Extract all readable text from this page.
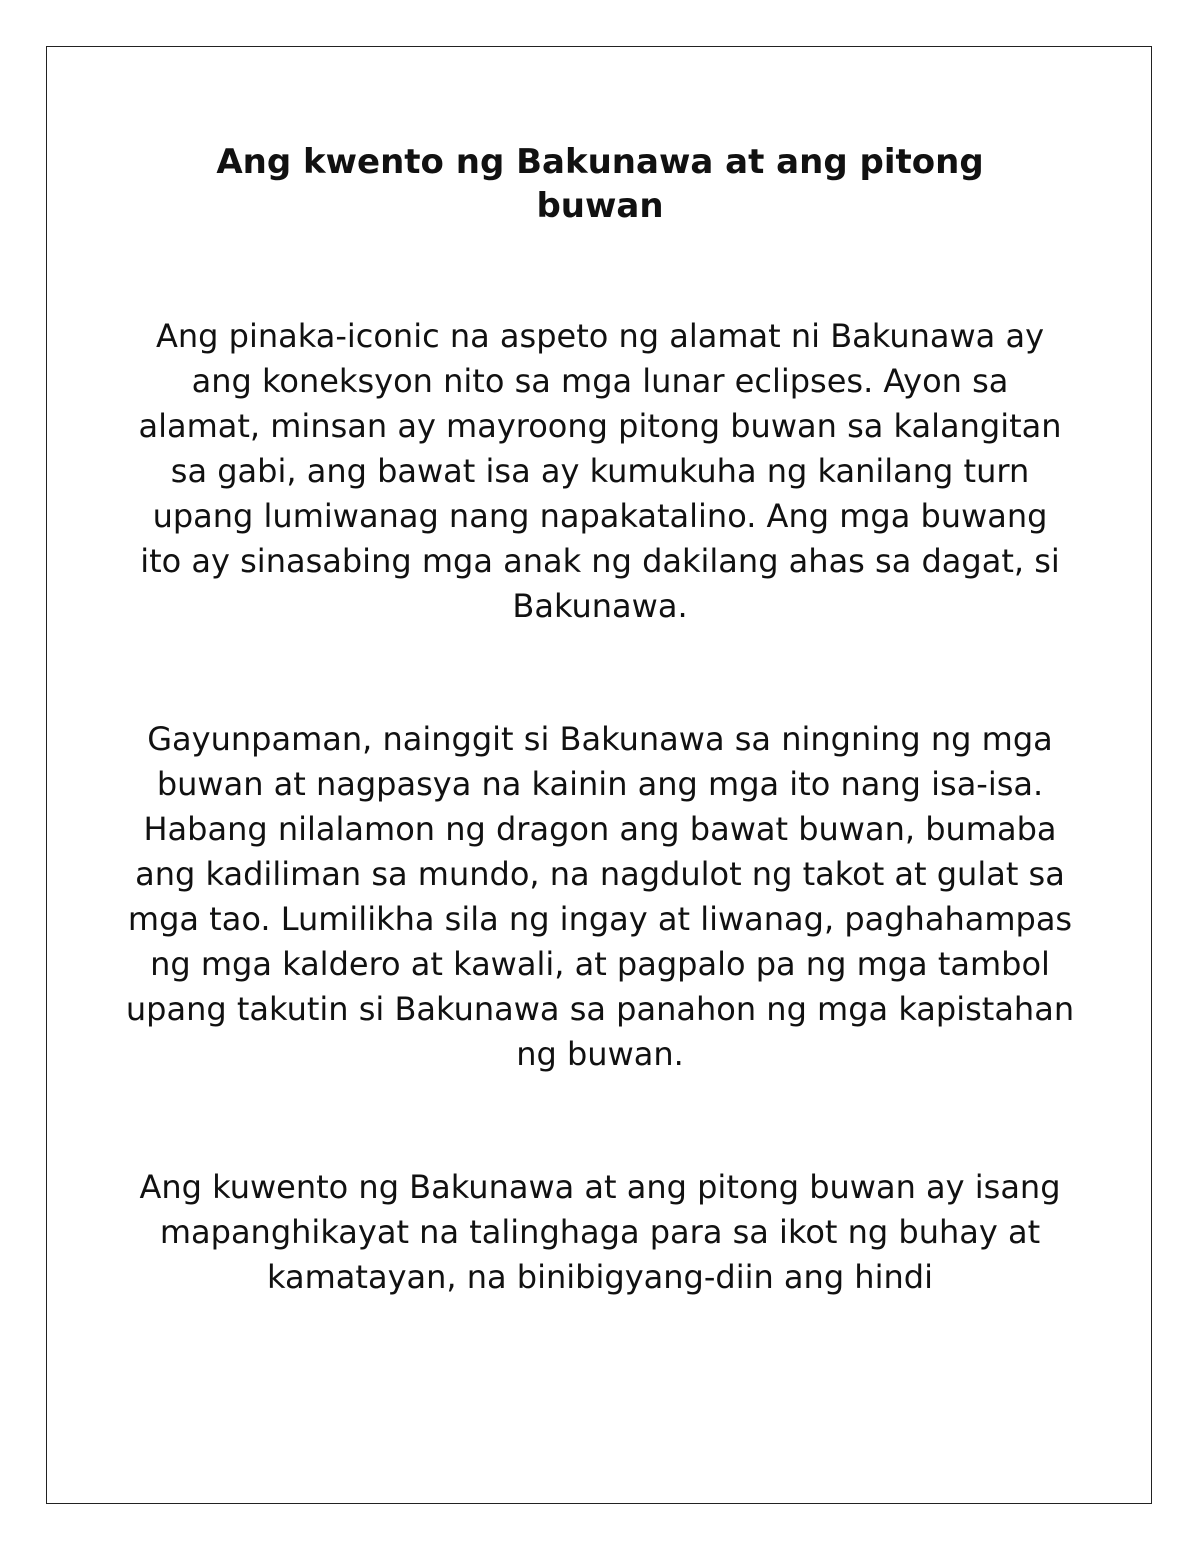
Ang kwento ng Bakunawa at ang pitong buwan

Ang pinaka-iconic na aspeto ng alamat ni Bakunawa ay ang koneksyon nito sa mga lunar eclipses. Ayon sa alamat, minsan ay mayroong pitong buwan sa kalangitan sa gabi, ang bawat isa ay kumukuha ng kanilang turn upang lumiwanag nang napakatalino. Ang mga buwang ito ay sinasabing mga anak ng dakilang ahas sa dagat, si Bakunawa.

Gayunpaman, nainggit si Bakunawa sa ningning ng mga buwan at nagpasya na kainin ang mga ito nang isa-isa. Habang nilalamon ng dragon ang bawat buwan, bumaba ang kadiliman sa mundo, na nagdulot ng takot at gulat sa mga tao. Lumilikha sila ng ingay at liwanag, paghahampas ng mga kaldero at kawali, at pagpalo pa ng mga tambol upang takutin si Bakunawa sa panahon ng mga kapistahan ng buwan.

Ang kuwento ng Bakunawa at ang pitong buwan ay isang mapanghikayat na talinghaga para sa ikot ng buhay at kamatayan, na binibigyang-diin ang hindi
